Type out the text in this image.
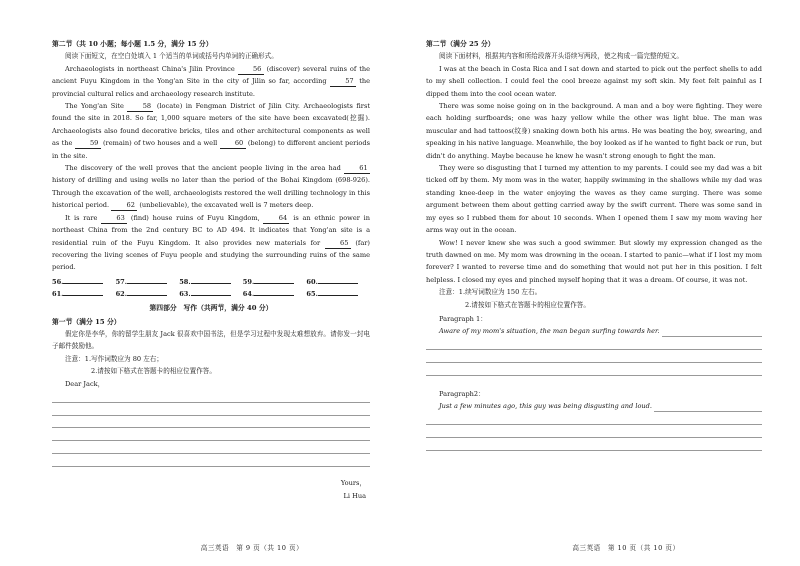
第二节（共 10 小题；每小题 1.5 分，满分 15 分）

阅读下面短文，在空白处填入 1 个适当的单词或括号内单词的正确形式。

Archaeologists in northeast China's Jilin Province 56 (discover) several ruins of the ancient Fuyu Kingdom in the Yong'an Site in the city of Jilin so far, according 57 the provincial cultural relics and archaeology research institute.

The Yong'an Site 58 (locate) in Fengman District of Jilin City. Archaeologists first found the site in 2018. So far, 1,000 square meters of the site have been excavated(挖掘). Archaeologists also found decorative bricks, tiles and other architectural components as well as the 59 (remain) of two houses and a well 60 (belong) to different ancient periods in the site.

The discovery of the well proves that the ancient people living in the area had 61 history of drilling and using wells no later than the period of the Bohai Kingdom (698-926). Through the excavation of the well, archaeologists restored the well drilling technology in this historical period. 62 (unbelievable), the excavated well is 7 meters deep.

It is rare 63 (find) house ruins of Fuyu Kingdom, 64 is an ethnic power in northeast China from the 2nd century BC to AD 494. It indicates that Yong'an site is a residential ruin of the Fuyu Kingdom. It also provides new materials for 65 (far) recovering the living scenes of Fuyu people and studying the surrounding ruins of the same period.

56.	57.	58.	59.	60.
61.	62.	63.	64.	65.

第四部分　写作（共两节，满分 40 分）

第一节（满分 15 分）

假定你是李华，你的留学生朋友 Jack 很喜欢中国书法，但是学习过程中发现太难想放弃。请你发一封电子邮件鼓励他。

注意：1.写作词数应为 80 左右；

2.请按如下格式在答题卡的相应位置作答。

Dear Jack，

Yours，

Li Hua

高三英语　第 9 页（共 10 页）

第二节（满分 25 分）

阅读下面材料，根据其内容和所给段落开头语续写两段，使之构成一篇完整的短文。

I was at the beach in Costa Rica and I sat down and started to pick out the perfect shells to add to my shell collection. I could feel the cool breeze against my soft skin. My feet felt painful as I dipped them into the cool ocean water.

There was some noise going on in the background. A man and a boy were fighting. They were each holding surfboards; one was hazy yellow while the other was light blue. The man was muscular and had tattoos(纹身) snaking down both his arms. He was beating the boy, swearing, and speaking in his native language. Meanwhile, the boy looked as if he wanted to fight back or run, but didn't do anything. Maybe because he knew he wasn't strong enough to fight the man.

They were so disgusting that I turned my attention to my parents. I could see my dad was a bit ticked off by them. My mom was in the water, happily swimming in the shallows while my dad was standing knee-deep in the water enjoying the waves as they came surging. There was some argument between them about getting carried away by the swift current. There was some sand in my eyes so I rubbed them for about 10 seconds. When I opened them I saw my mom waving her arms way out in the ocean.

Wow! I never knew she was such a good swimmer. But slowly my expression changed as the truth dawned on me. My mom was drowning in the ocean. I started to panic—what if I lost my mom forever? I wanted to reverse time and do something that would not put her in this position. I felt helpless. I closed my eyes and pinched myself hoping that it was a dream. Of course, it was not.

注意：1.续写词数应为 150 左右。

2.请按如下格式在答题卡的相应位置作答。

Paragraph 1：

Aware of my mom's situation, the man began surfing towards her.

Paragraph2：

Just a few minutes ago, this guy was being disgusting and loud.
高三英语　第 10 页（共 10 页）
